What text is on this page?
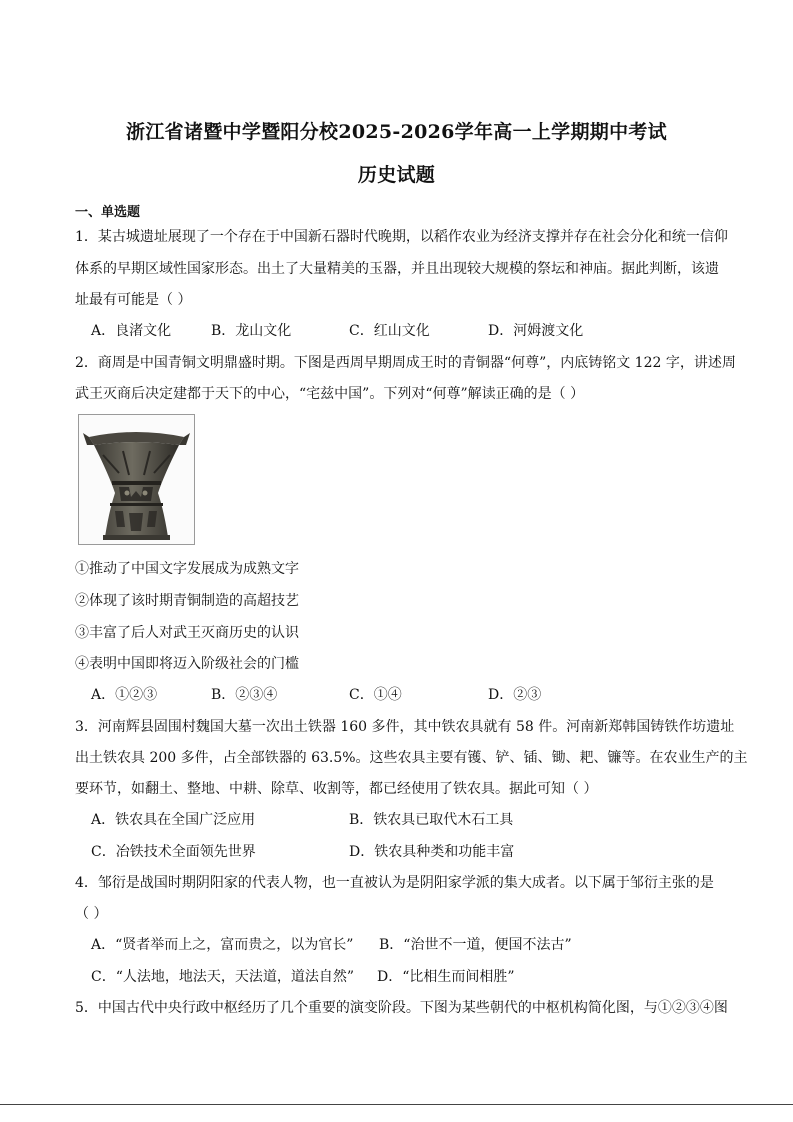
浙江省诸暨中学暨阳分校2025-2026学年高一上学期期中考试
历史试题
一、单选题
1．某古城遗址展现了一个存在于中国新石器时代晚期，以稻作农业为经济支撑并存在社会分化和统一信仰
体系的早期区域性国家形态。出土了大量精美的玉器，并且出现较大规模的祭坛和神庙。据此判断，该遗
址最有可能是（ ）
A．良渚文化	B．龙山文化	C．红山文化	D．河姆渡文化
2．商周是中国青铜文明鼎盛时期。下图是西周早期周成王时的青铜器“何尊”，内底铸铭文 122 字，讲述周
武王灭商后决定建都于天下的中心，“宅兹中国”。下列对“何尊”解读正确的是（ ）
①推动了中国文字发展成为成熟文字
②体现了该时期青铜制造的高超技艺
③丰富了后人对武王灭商历史的认识
④表明中国即将迈入阶级社会的门槛
A．①②③	B．②③④	C．①④	D．②③
3．河南辉县固围村魏国大墓一次出土铁器 160 多件，其中铁农具就有 58 件。河南新郑韩国铸铁作坊遗址
出土铁农具 200 多件，占全部铁器的 63.5%。这些农具主要有镬、铲、锸、锄、耙、镰等。在农业生产的主
要环节，如翻土、整地、中耕、除草、收割等，都已经使用了铁农具。据此可知（ ）
A．铁农具在全国广泛应用	B．铁农具已取代木石工具
C．冶铁技术全面领先世界	D．铁农具种类和功能丰富
4．邹衍是战国时期阴阳家的代表人物，也一直被认为是阴阳家学派的集大成者。以下属于邹衍主张的是
（ ）
A．“贤者举而上之，富而贵之，以为官长” B．“治世不一道，便国不法古”
C．“人法地，地法天，天法道，道法自然” D．“比相生而间相胜”
5．中国古代中央行政中枢经历了几个重要的演变阶段。下图为某些朝代的中枢机构简化图，与①②③④图
